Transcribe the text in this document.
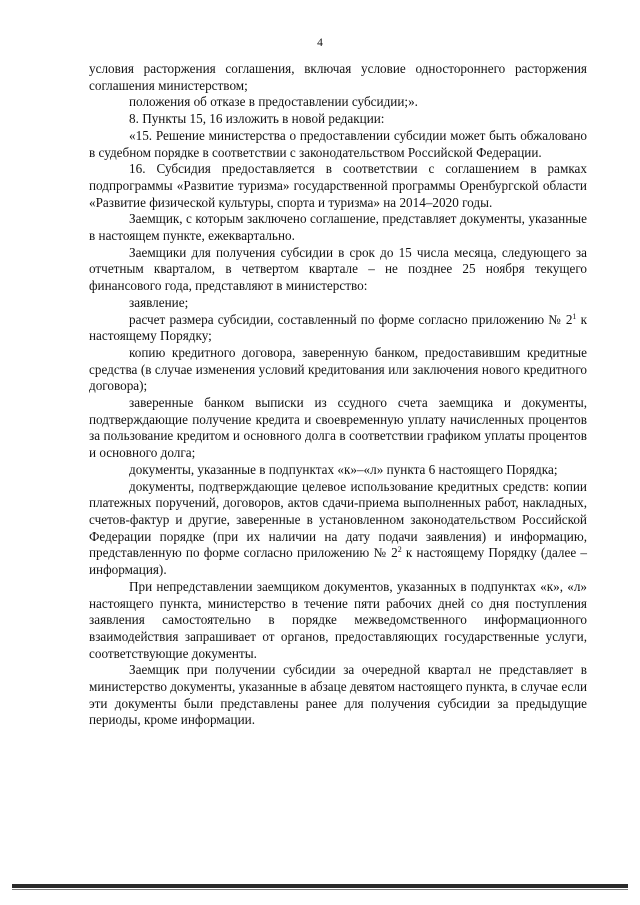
4

условия расторжения соглашения, включая условие одностороннего расторжения соглашения министерством;

положения об отказе в предоставлении субсидии;».

8. Пункты 15, 16 изложить в новой редакции:

«15. Решение министерства о предоставлении субсидии может быть обжаловано в судебном порядке в соответствии с законодательством Российской Федерации.

16. Субсидия предоставляется в соответствии с соглашением в рамках подпрограммы «Развитие туризма» государственной программы Оренбургской области «Развитие физической культуры, спорта и туризма» на 2014–2020 годы.

Заемщик, с которым заключено соглашение, представляет документы, указанные в настоящем пункте, ежеквартально.

Заемщики для получения субсидии в срок до 15 числа месяца, следующего за отчетным кварталом, в четвертом квартале – не позднее 25 ноября текущего финансового года, представляют в министерство:

заявление;

расчет размера субсидии, составленный по форме согласно приложению № $2^1$ к настоящему Порядку;

копию кредитного договора, заверенную банком, предоставившим кредитные средства (в случае изменения условий кредитования или заключения нового кредитного договора);

заверенные банком выписки из ссудного счета заемщика и документы, подтверждающие получение кредита и своевременную уплату начисленных процентов за пользование кредитом и основного долга в соответствии графиком уплаты процентов и основного долга;

документы, указанные в подпунктах «к»–«л» пункта 6 настоящего Порядка;

документы, подтверждающие целевое использование кредитных средств: копии платежных поручений, договоров, актов сдачи-приема выполненных работ, накладных, счетов-фактур и другие, заверенные в установленном законодательством Российской Федерации порядке (при их наличии на дату подачи заявления) и информацию, представленную по форме согласно приложению № $2^2$ к настоящему Порядку (далее – информация).

При непредставлении заемщиком документов, указанных в подпунктах «к», «л» настоящего пункта, министерство в течение пяти рабочих дней со дня поступления заявления самостоятельно в порядке межведомственного информационного взаимодействия запрашивает от органов, предоставляющих государственные услуги, соответствующие документы.

Заемщик при получении субсидии за очередной квартал не представляет в министерство документы, указанные в абзаце девятом настоящего пункта, в случае если эти документы были представлены ранее для получения субсидии за предыдущие периоды, кроме информации.
